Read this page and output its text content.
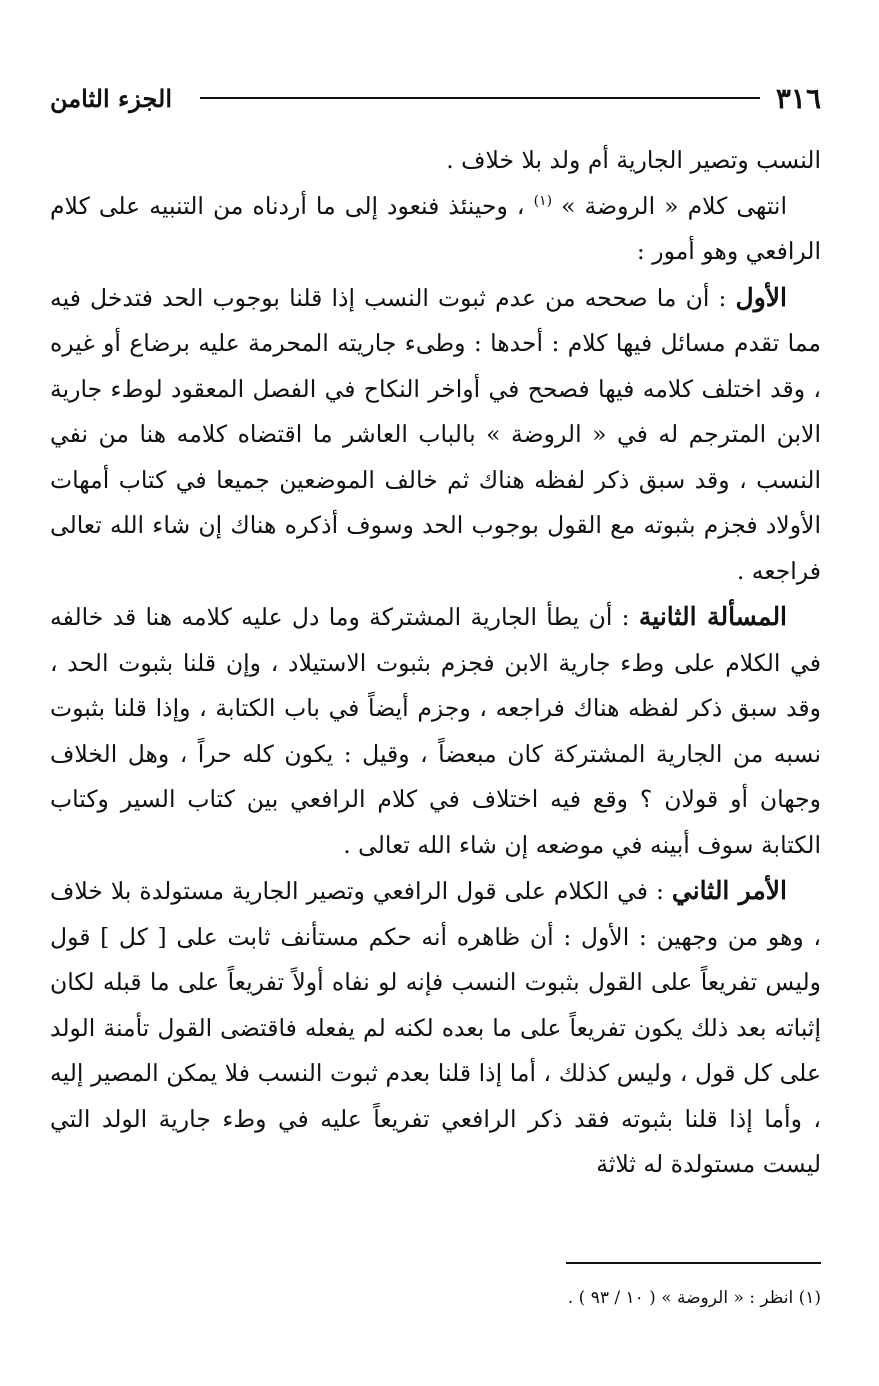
٣١٦
الجزء الثامن

النسب وتصير الجارية أم ولد بلا خلاف .

انتهى كلام « الروضة » $^{(١)}$ ، وحينئذ فنعود إلى ما أردناه من التنبيه على كلام الرافعي وهو أمور :

الأول : أن ما صححه من عدم ثبوت النسب إذا قلنا بوجوب الحد فتدخل فيه مما تقدم مسائل فيها كلام : أحدها : وطىء جاريته المحرمة عليه برضاع أو غيره ، وقد اختلف كلامه فيها فصحح في أواخر النكاح في الفصل المعقود لوطء جارية الابن المترجم له في « الروضة » بالباب العاشر ما اقتضاه كلامه هنا من نفي النسب ، وقد سبق ذكر لفظه هناك ثم خالف الموضعين جميعا في كتاب أمهات الأولاد فجزم بثبوته مع القول بوجوب الحد وسوف أذكره هناك إن شاء الله تعالى فراجعه .

المسألة الثانية : أن يطأ الجارية المشتركة وما دل عليه كلامه هنا قد خالفه في الكلام على وطء جارية الابن فجزم بثبوت الاستيلاد ، وإن قلنا بثبوت الحد ، وقد سبق ذكر لفظه هناك فراجعه ، وجزم أيضاً في باب الكتابة ، وإذا قلنا بثبوت نسبه من الجارية المشتركة كان مبعضاً ، وقيل : يكون كله حراً ، وهل الخلاف وجهان أو قولان ؟ وقع فيه اختلاف في كلام الرافعي بين كتاب السير وكتاب الكتابة سوف أبينه في موضعه إن شاء الله تعالى .

الأمر الثاني : في الكلام على قول الرافعي وتصير الجارية مستولدة بلا خلاف ، وهو من وجهين : الأول : أن ظاهره أنه حكم مستأنف ثابت على [ كل ] قول وليس تفريعاً على القول بثبوت النسب فإنه لو نفاه أولاً تفريعاً على ما قبله لكان إثباته بعد ذلك يكون تفريعاً على ما بعده لكنه لم يفعله فاقتضى القول تأمنة الولد على كل قول ، وليس كذلك ، أما إذا قلنا بعدم ثبوت النسب فلا يمكن المصير إليه ، وأما إذا قلنا بثبوته فقد ذكر الرافعي تفريعاً عليه في وطء جارية الولد التي ليست مستولدة له ثلاثة

(١) انظر : « الروضة » ( ١٠ / ٩٣ ) .
